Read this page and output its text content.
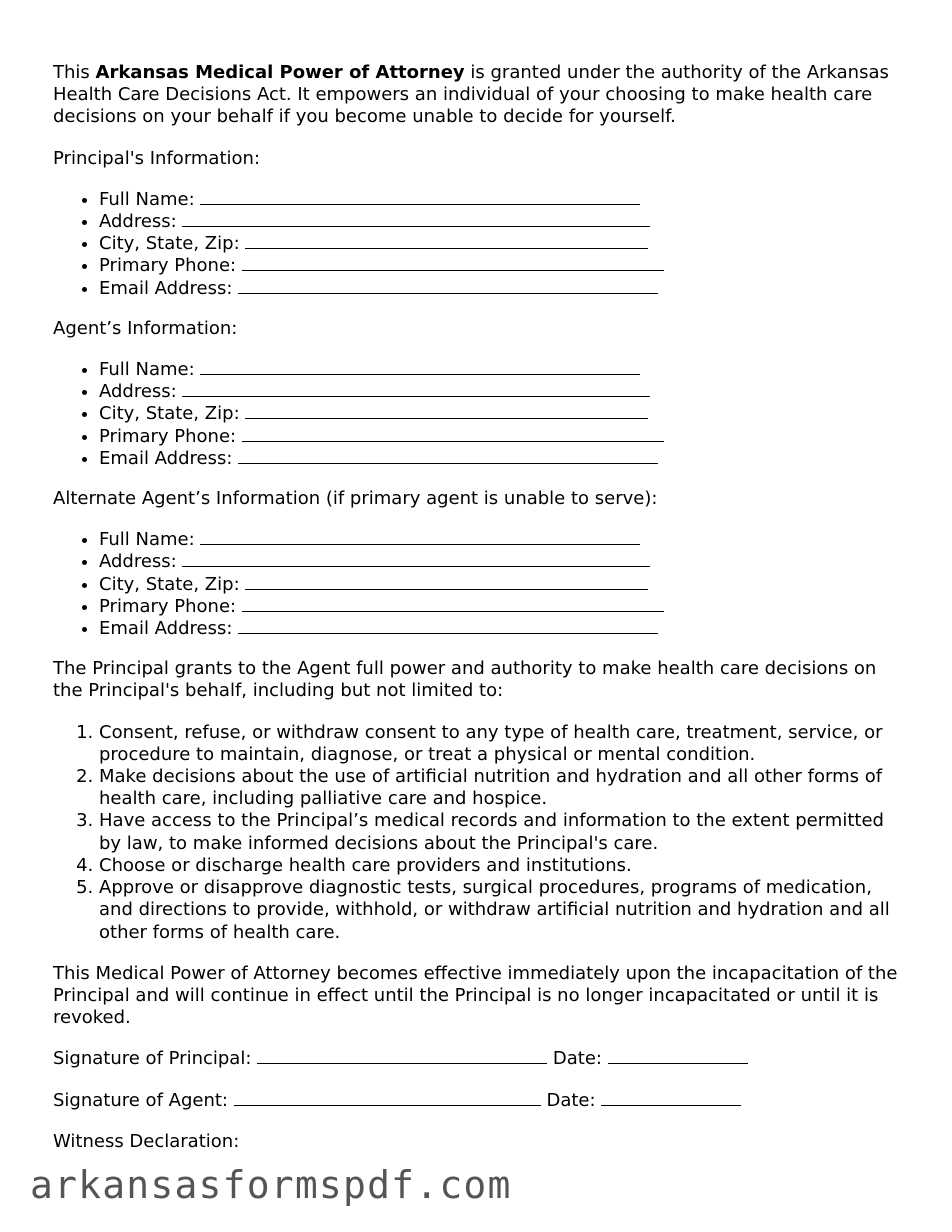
This Arkansas Medical Power of Attorney is granted under the authority of the Arkansas Health Care Decisions Act. It empowers an individual of your choosing to make health care decisions on your behalf if you become unable to decide for yourself.

Principal's Information:

• Full Name:
• Address:
• City, State, Zip:
• Primary Phone:
• Email Address:

Agent’s Information:

• Full Name:
• Address:
• City, State, Zip:
• Primary Phone:
• Email Address:

Alternate Agent’s Information (if primary agent is unable to serve):

• Full Name:
• Address:
• City, State, Zip:
• Primary Phone:
• Email Address:

The Principal grants to the Agent full power and authority to make health care decisions on the Principal's behalf, including but not limited to:

1. Consent, refuse, or withdraw consent to any type of health care, treatment, service, or procedure to maintain, diagnose, or treat a physical or mental condition.
2. Make decisions about the use of artificial nutrition and hydration and all other forms of health care, including palliative care and hospice.
3. Have access to the Principal’s medical records and information to the extent permitted by law, to make informed decisions about the Principal's care.
4. Choose or discharge health care providers and institutions.
5. Approve or disapprove diagnostic tests, surgical procedures, programs of medication, and directions to provide, withhold, or withdraw artificial nutrition and hydration and all other forms of health care.

This Medical Power of Attorney becomes effective immediately upon the incapacitation of the Principal and will continue in effect until the Principal is no longer incapacitated or until it is revoked.

Signature of Principal:	Date:

Signature of Agent:	Date:

Witness Declaration:

arkansasformspdf.com
